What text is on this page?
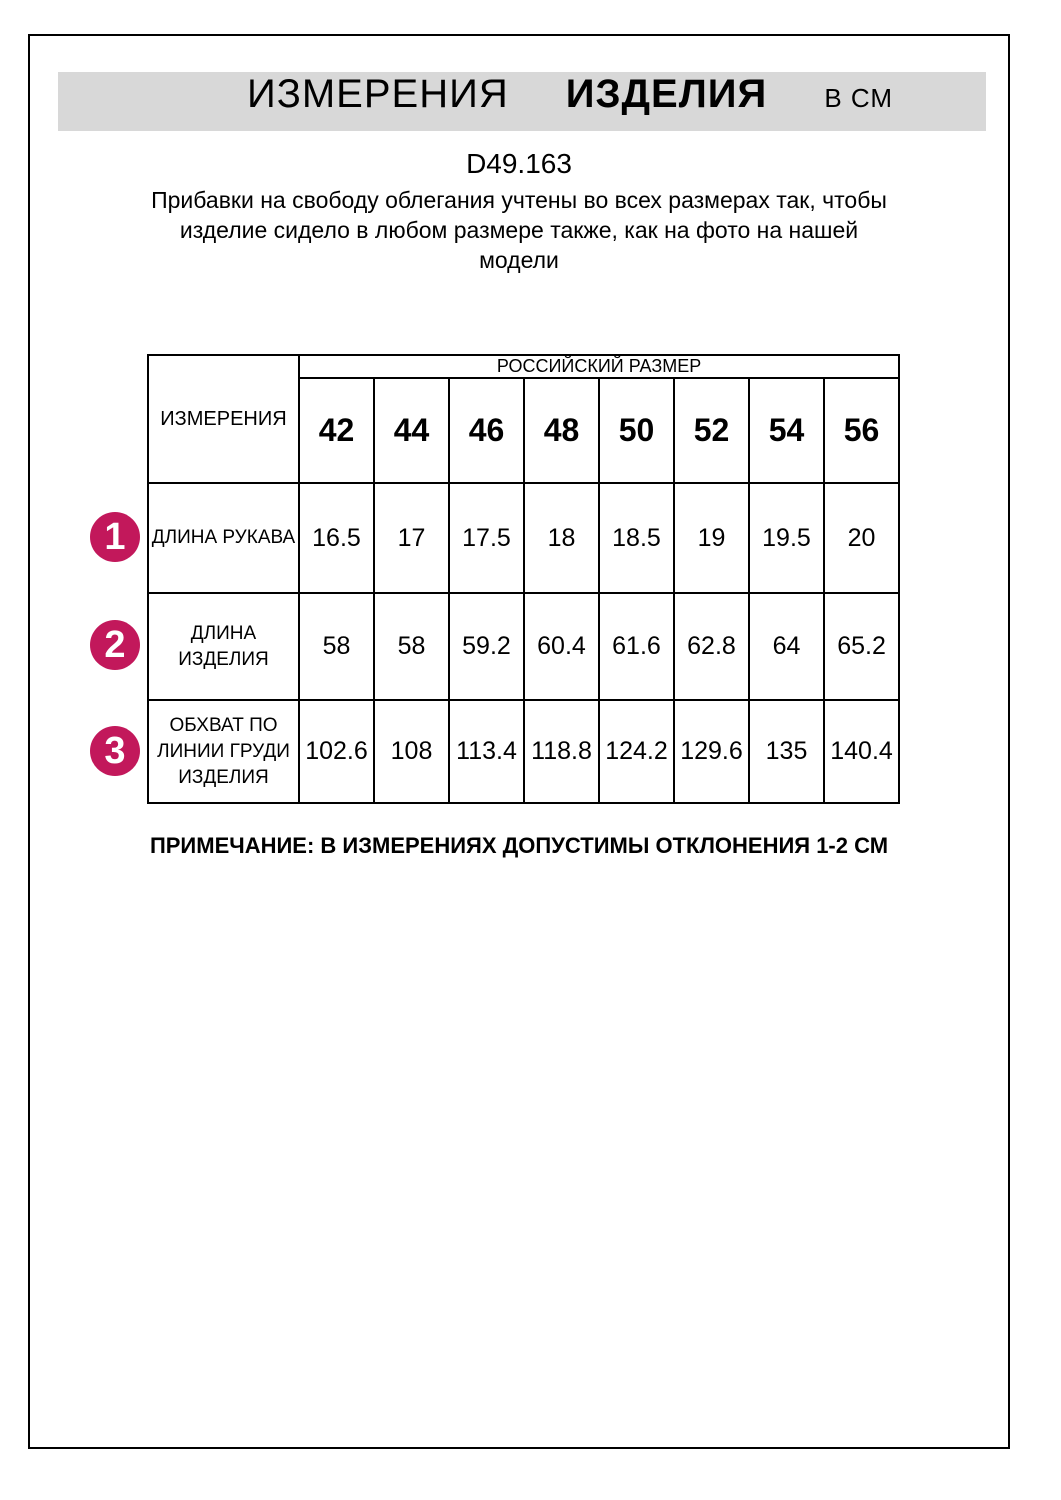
ИЗМЕРЕНИЯ ИЗДЕЛИЯ В СМ
D49.163
Прибавки на свободу облегания учтены во всех размерах так, чтобы
изделие сидело в любом размере также, как на фото на нашей
модели
ИЗМЕРЕНИЯ	РОССИЙСКИЙ РАЗМЕР							
	42	44	46	48	50	52	54	56

ДЛИНА РУКАВА	16.5	17	17.5	18	18.5	19	19.5	20

ДЛИНА
ИЗДЕЛИЯ	58	58	59.2	60.4	61.6	62.8	64	65.2

ОБХВАТ ПО
ЛИНИИ ГРУДИ
ИЗДЕЛИЯ	102.6	108	113.4	118.8	124.2	129.6	135	140.4
1
2
3
ПРИМЕЧАНИЕ: В ИЗМЕРЕНИЯХ ДОПУСТИМЫ ОТКЛОНЕНИЯ 1-2 СМ
